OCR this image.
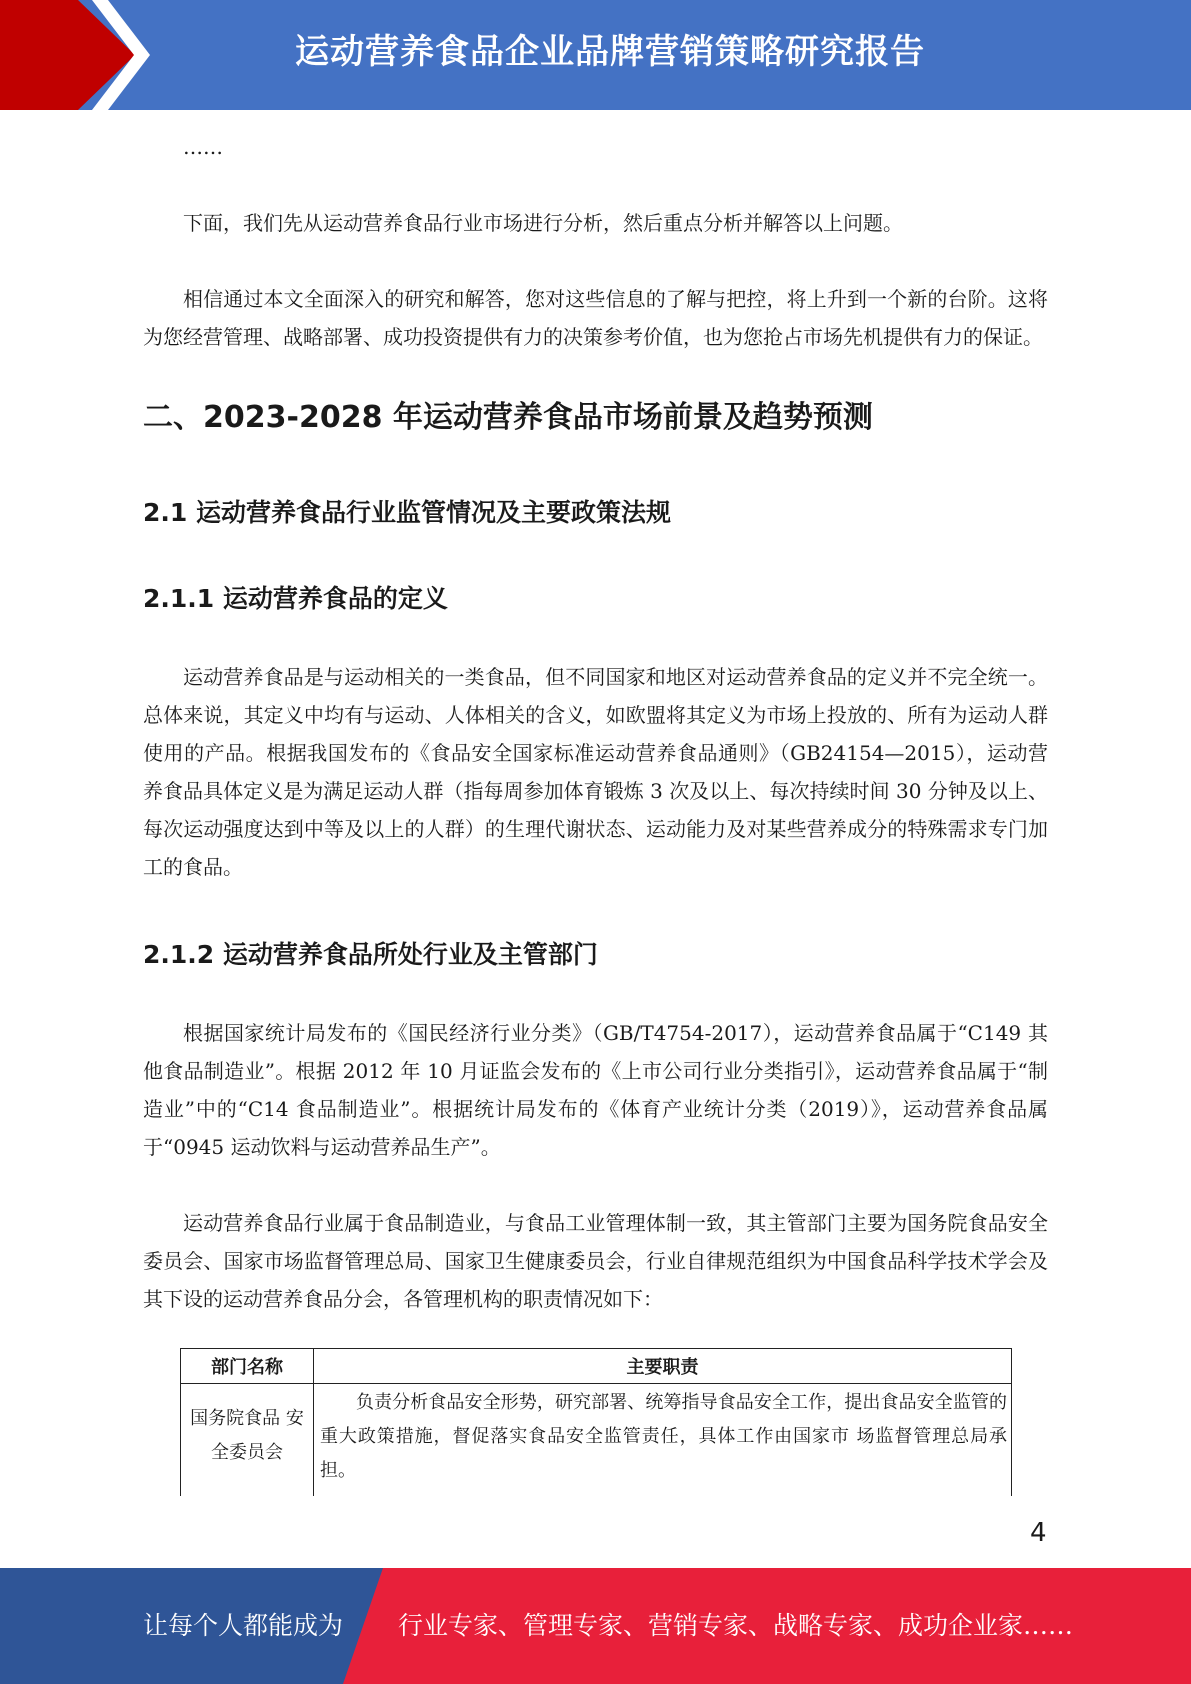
运动营养食品企业品牌营销策略研究报告

……

下面，我们先从运动营养食品行业市场进行分析，然后重点分析并解答以上问题。

相信通过本文全面深入的研究和解答，您对这些信息的了解与把控，将上升到一个新的台阶。这将为您经营管理、战略部署、成功投资提供有力的决策参考价值，也为您抢占市场先机提供有力的保证。

二、2023-2028 年运动营养食品市场前景及趋势预测
2.1 运动营养食品行业监管情况及主要政策法规
2.1.1 运动营养食品的定义

运动营养食品是与运动相关的一类食品，但不同国家和地区对运动营养食品的定义并不完全统一。总体来说，其定义中均有与运动、人体相关的含义，如欧盟将其定义为市场上投放的、所有为运动人群使用的产品。根据我国发布的《食品安全国家标准运动营养食品通则》（GB24154—2015），运动营养食品具体定义是为满足运动人群（指每周参加体育锻炼 3 次及以上、每次持续时间 30 分钟及以上、每次运动强度达到中等及以上的人群）的生理代谢状态、运动能力及对某些营养成分的特殊需求专门加工的食品。

2.1.2 运动营养食品所处行业及主管部门

根据国家统计局发布的《国民经济行业分类》（GB/T4754-2017），运动营养食品属于“C149 其他食品制造业”。根据 2012 年 10 月证监会发布的《上市公司行业分类指引》，运动营养食品属于“制造业”中的“C14 食品制造业”。根据统计局发布的《体育产业统计分类（2019）》，运动营养食品属于“0945 运动饮料与运动营养品生产”。

运动营养食品行业属于食品制造业，与食品工业管理体制一致，其主管部门主要为国务院食品安全委员会、国家市场监督管理总局、国家卫生健康委员会，行业自律规范组织为中国食品科学技术学会及其下设的运动营养食品分会，各管理机构的职责情况如下：

部门名称	主要职责
国务院食品 安全委员会	负责分析食品安全形势，研究部署、统筹指导食品安全工作，提出食品安全监管的重大政策措施，督促落实食品安全监管责任，具体工作由国家市 场监督管理总局承担。
4
让每个人都能成为 行业专家、管理专家、营销专家、战略专家、成功企业家……
